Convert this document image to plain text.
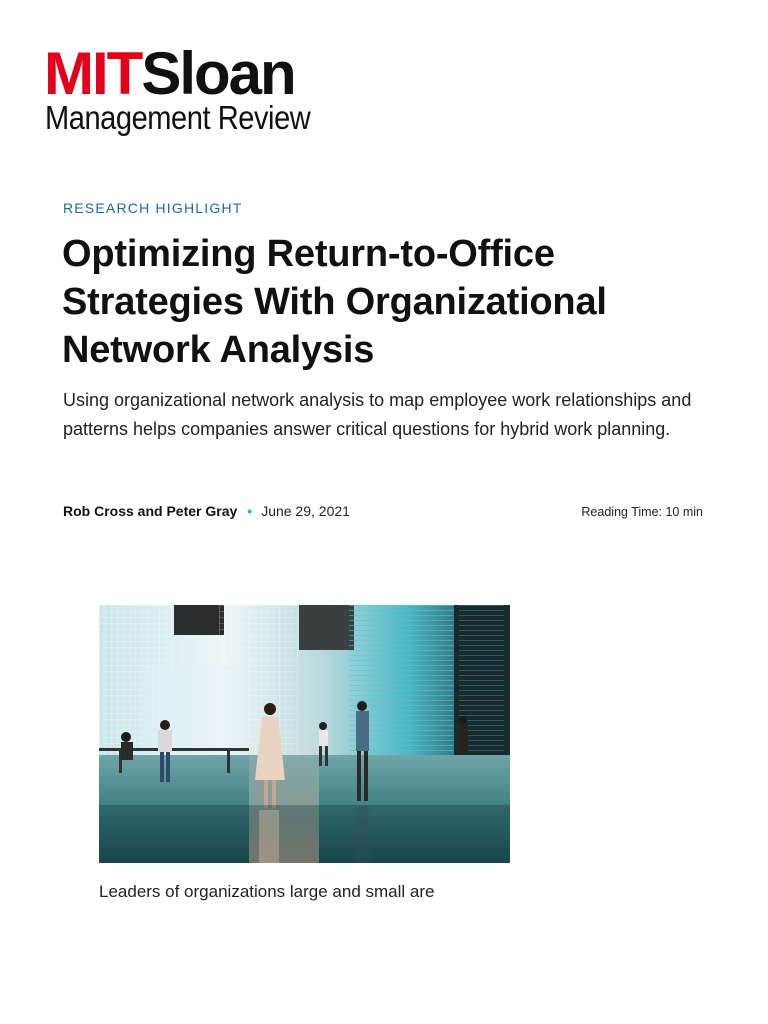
MITSloan
Management Review
RESEARCH HIGHLIGHT
Optimizing Return-to-Office Strategies With Organizational Network Analysis

Using organizational network analysis to map employee work relationships and patterns helps companies answer critical questions for hybrid work planning.

Rob Cross and Peter Gray • June 29, 2021	Reading Time: 10 min
Leaders of organizations large and small are
